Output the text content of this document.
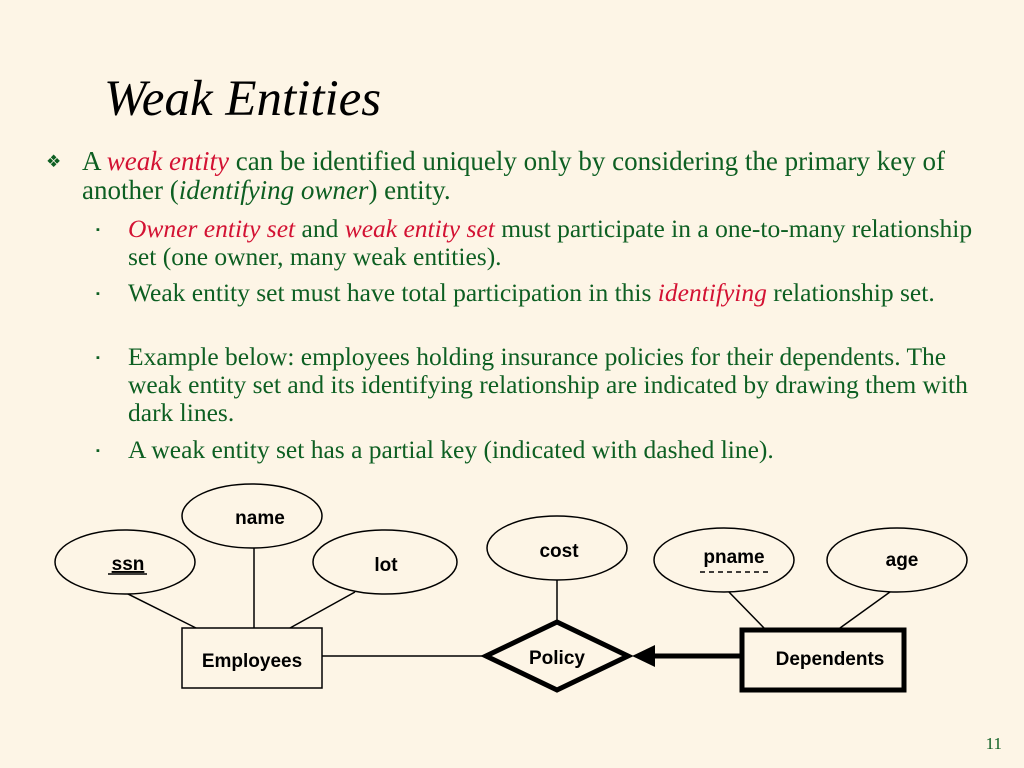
Weak Entities
❖ A weak entity can be identified uniquely only by considering the primary key of another (identifying owner) entity.
▪ Owner entity set and weak entity set must participate in a one-to-many relationship set (one owner, many weak entities).
▪ Weak entity set must have total participation in this identifying relationship set.
▪ Example below: employees holding insurance policies for their dependents. The weak entity set and its identifying relationship are indicated by drawing them with dark lines.
▪ A weak entity set has a partial key (indicated with dashed line).
name
ssn	lot
cost	pname	age
Employees	Policy	Dependents
11
